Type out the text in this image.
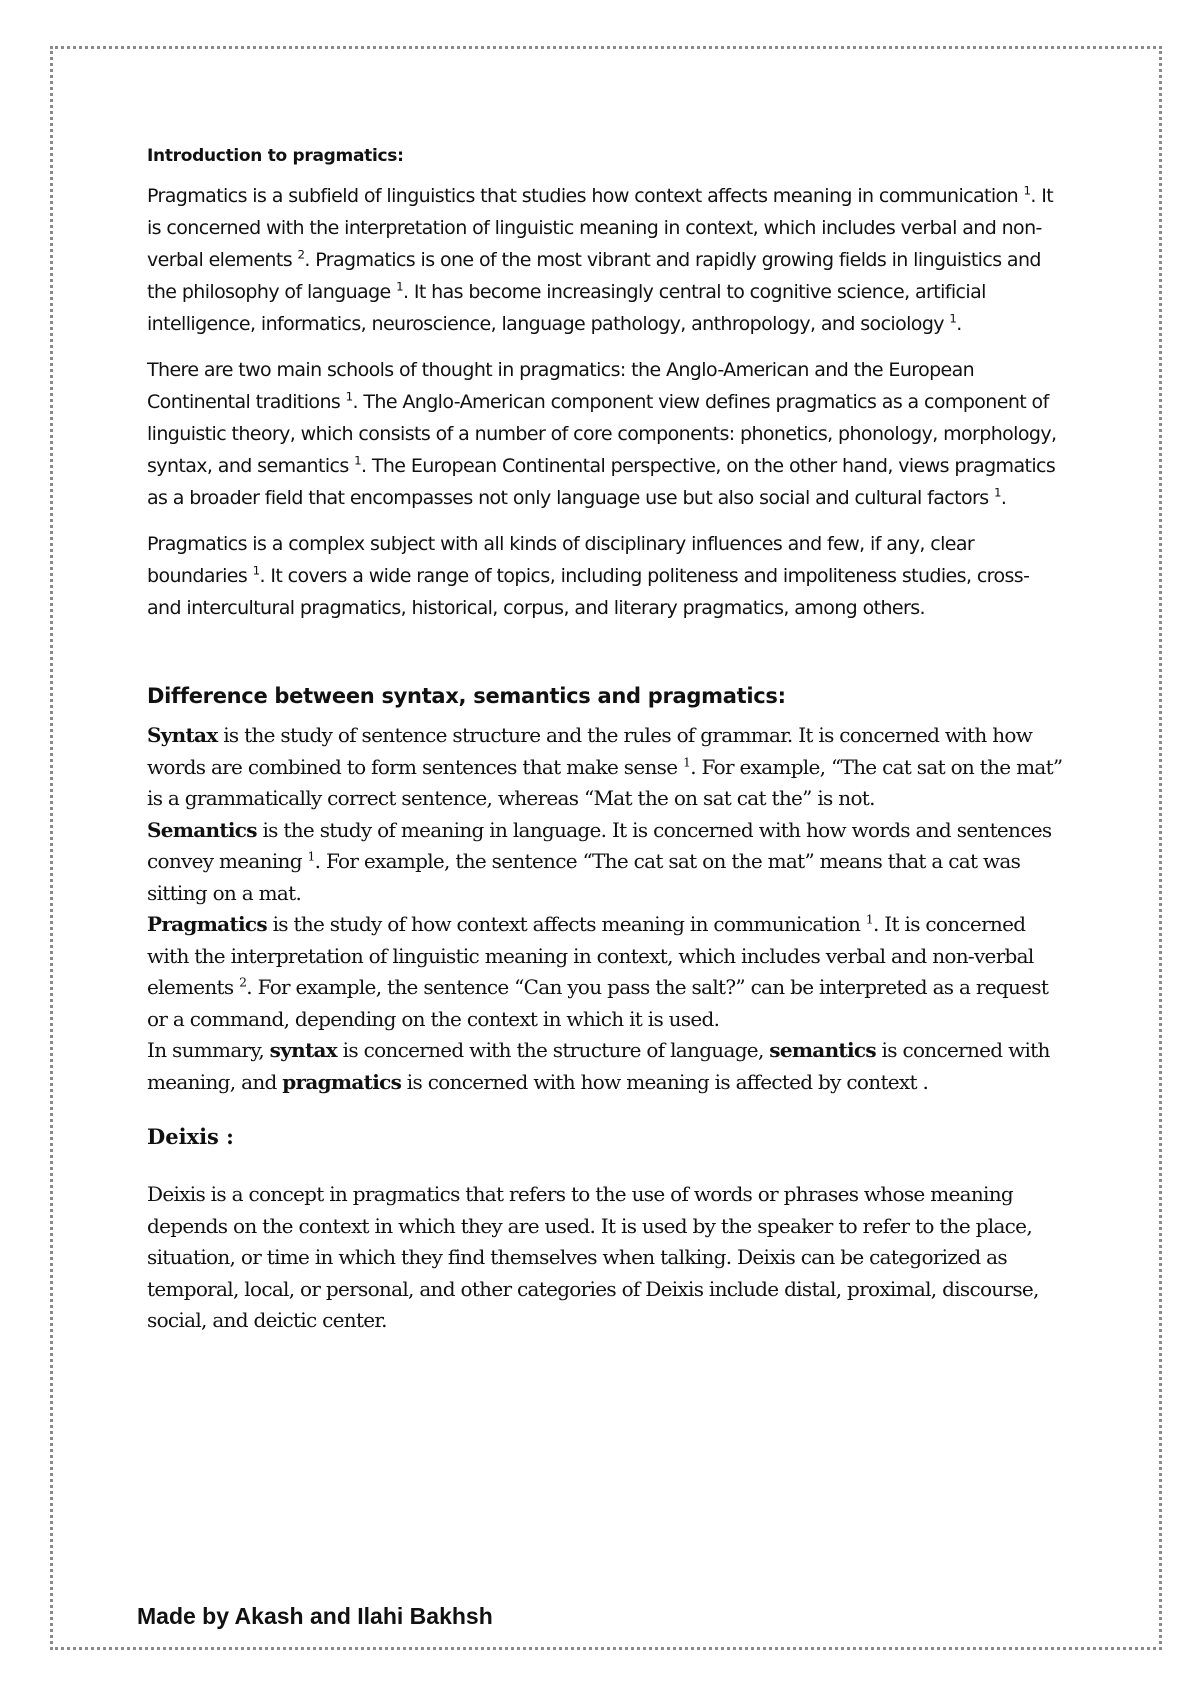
Introduction to pragmatics:

Pragmatics is a subfield of linguistics that studies how context affects meaning in communication $^1$. It is concerned with the interpretation of linguistic meaning in context, which includes verbal and non-verbal elements $^2$. Pragmatics is one of the most vibrant and rapidly growing fields in linguistics and the philosophy of language $^1$. It has become increasingly central to cognitive science, artificial intelligence, informatics, neuroscience, language pathology, anthropology, and sociology $^1$.

There are two main schools of thought in pragmatics: the Anglo-American and the European Continental traditions $^1$. The Anglo-American component view defines pragmatics as a component of linguistic theory, which consists of a number of core components: phonetics, phonology, morphology, syntax, and semantics $^1$. The European Continental perspective, on the other hand, views pragmatics as a broader field that encompasses not only language use but also social and cultural factors $^1$.

Pragmatics is a complex subject with all kinds of disciplinary influences and few, if any, clear boundaries $^1$. It covers a wide range of topics, including politeness and impoliteness studies, cross- and intercultural pragmatics, historical, corpus, and literary pragmatics, among others.

Difference between syntax, semantics and pragmatics:

Syntax is the study of sentence structure and the rules of grammar. It is concerned with how words are combined to form sentences that make sense $^1$. For example, “The cat sat on the mat” is a grammatically correct sentence, whereas “Mat the on sat cat the” is not.

Semantics is the study of meaning in language. It is concerned with how words and sentences convey meaning $^1$. For example, the sentence “The cat sat on the mat” means that a cat was sitting on a mat.

Pragmatics is the study of how context affects meaning in communication $^1$. It is concerned with the interpretation of linguistic meaning in context, which includes verbal and non-verbal elements $^2$. For example, the sentence “Can you pass the salt?” can be interpreted as a request or a command, depending on the context in which it is used.

In summary, syntax is concerned with the structure of language, semantics is concerned with meaning, and pragmatics is concerned with how meaning is affected by context .

Deixis :

Deixis is a concept in pragmatics that refers to the use of words or phrases whose meaning depends on the context in which they are used. It is used by the speaker to refer to the place, situation, or time in which they find themselves when talking. Deixis can be categorized as temporal, local, or personal, and other categories of Deixis include distal, proximal, discourse, social, and deictic center.

Made by Akash and Ilahi Bakhsh
